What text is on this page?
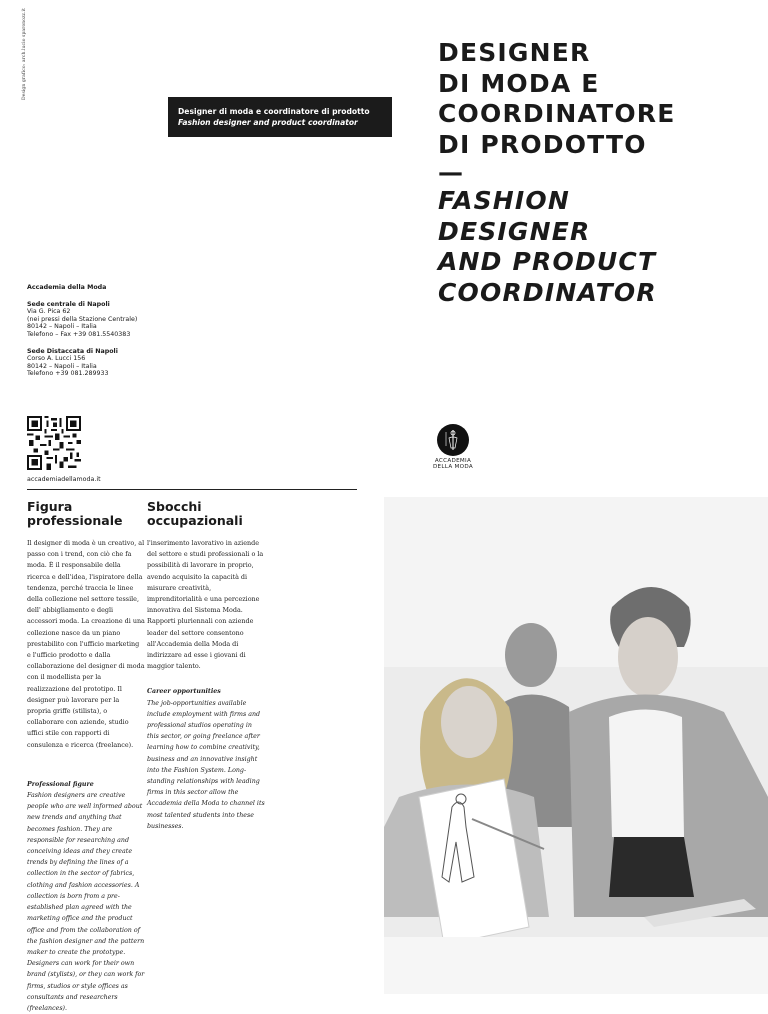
Design grafico: arch.lucio sparonozz.it
Designer di moda e coordinatore di prodotto
Fashion designer and product coordinator
DESIGNER
DI MODA E
COORDINATORE
DI PRODOTTO
—
FASHION
DESIGNER
AND PRODUCT
COORDINATOR
Accademia della Moda
Sede centrale di Napoli
Via G. Pica 62
(nei pressi della Stazione Centrale)
80142 – Napoli – Italia
Telefono – Fax +39 081.5540383
Sede Distaccata di Napoli
Corso A. Lucci 156
80142 – Napoli – Italia
Telefono +39 081.289933
accademiadellamoda.it
ACCADEMIA
DELLA MODA
Figura
professionale
Il designer di moda è un creativo, al passo con i trend, con ciò che fa moda. È il responsabile della ricerca e dell'idea, l'ispiratore della tendenza, perché traccia le linee della collezione nel settore tessile, dell' abbigliamento e degli accessori moda. La creazione di una collezione nasce da un piano prestabilito con l'ufficio marketing e l'ufficio prodotto e dalla collaborazione del designer di moda con il modellista per la realizzazione del prototipo. Il designer può lavorare per la propria griffe (stilista), o collaborare con aziende, studio uffici stile con rapporti di consulenza e ricerca (freelance).
Professional figure
Fashion designers are creative people who are well informed about new trends and anything that becomes fashion. They are responsible for researching and conceiving ideas and they create trends by defining the lines of a collection in the sector of fabrics, clothing and fashion accessories. A collection is born from a pre-established plan agreed with the marketing office and the product office and from the collaboration of the fashion designer and the pattern maker to create the prototype. Designers can work for their own brand (stylists), or they can work for firms, studios or style offices as consultants and researchers (freelances).
Sbocchi
occupazionali
l'inserimento lavorativo in aziende del settore e studi professionali o la possibilità di lavorare in proprio, avendo acquisito la capacità di misurare creatività, imprenditorialità e una percezione innovativa del Sistema Moda. Rapporti pluriennali con aziende leader del settore consentono all'Accademia della Moda di indirizzare ad esse i giovani di maggior talento.
Career opportunities
The job-opportunities available include employment with firms and professional studios operating in this sector, or going freelance after learning how to combine creativity, business and an innovative insight into the Fashion System. Long-standing relationships with leading firms in this sector allow the Accademia della Moda to channel its most talented students into these businesses.
